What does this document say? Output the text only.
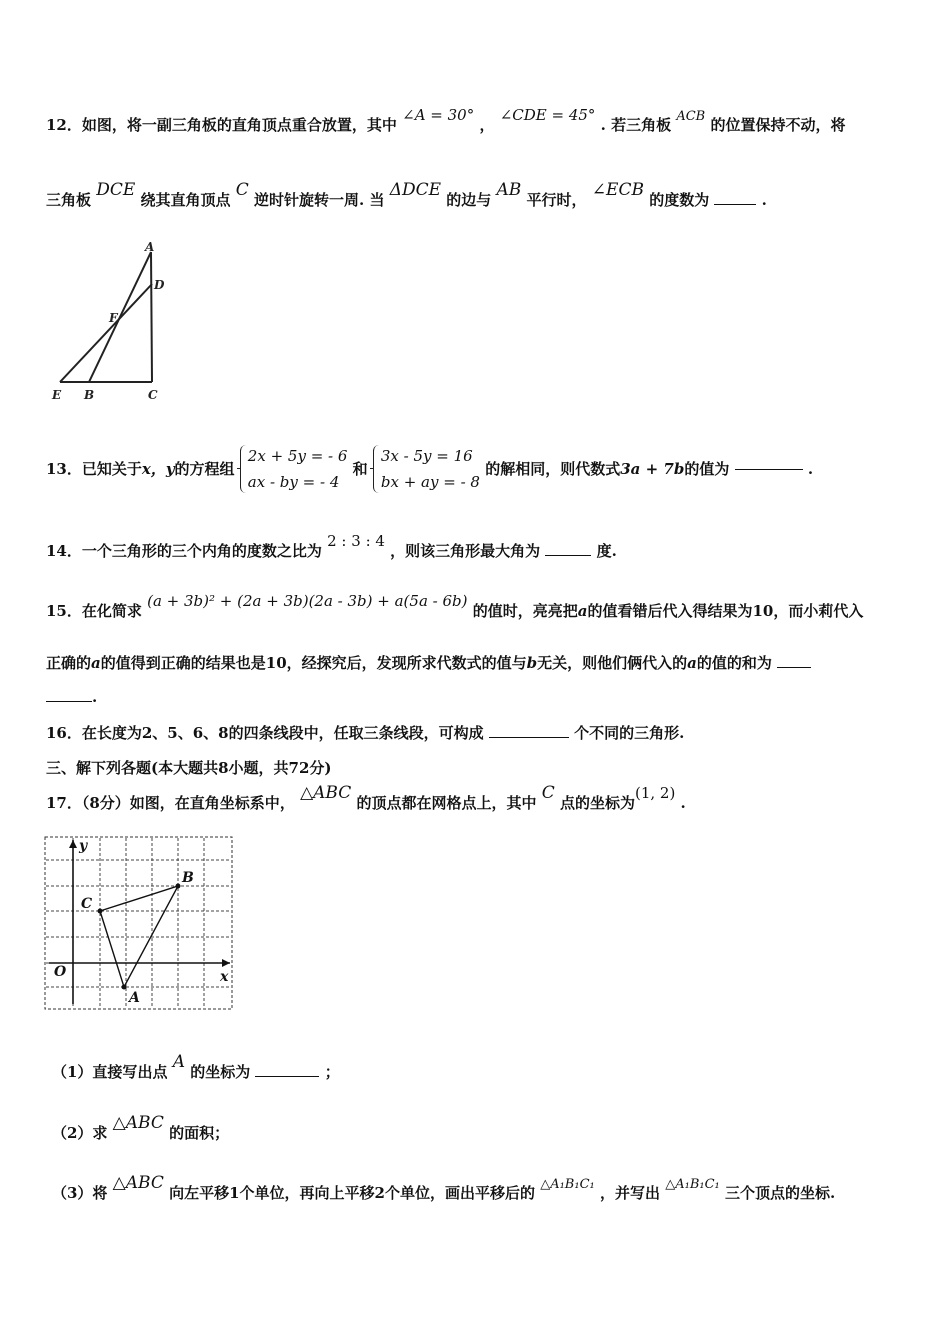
12．如图，将一副三角板的直角顶点重合放置，其中 ∠A = 30° ， ∠CDE = 45° . 若三角板 ACB 的位置保持不动，将
三角板 DCE 绕其直角顶点 C 逆时针旋转一周. 当 ΔDCE 的边与 AB 平行时， ∠ECB 的度数为	.
A
D
F
E B	C
13．已知关于x，y的方程组
2x + 5y = - 6
ax - by = - 4 和
3x - 5y = 16
bx + ay = - 8 的解相同，则代数式3a + 7b的值为	.
14．一个三角形的三个内角的度数之比为 2 : 3 : 4 ，则该三角形最大角为	度.
15．在化简求 (a + 3b)² + (2a + 3b)(2a - 3b) + a(5a - 6b) 的值时，亮亮把a的值看错后代入得结果为10，而小莉代入
正确的a的值得到正确的结果也是10，经探究后，发现所求代数式的值与b无关，则他们俩代入的a的值的和为
.
16．在长度为2、5、6、8的四条线段中，任取三条线段，可构成	个不同的三角形.
三、解下列各题(本大题共8小题，共72分)
17．（8分）如图，在直角坐标系中， △ABC 的顶点都在网格点上，其中 C 点的坐标为(1, 2) .
y
x
O
A
B
C
（1）直接写出点 A 的坐标为	；
（2）求 △ABC 的面积；
（3）将 △ABC 向左平移1个单位，再向上平移2个单位，画出平移后的 △A₁B₁C₁ ，并写出 △A₁B₁C₁ 三个顶点的坐标.
